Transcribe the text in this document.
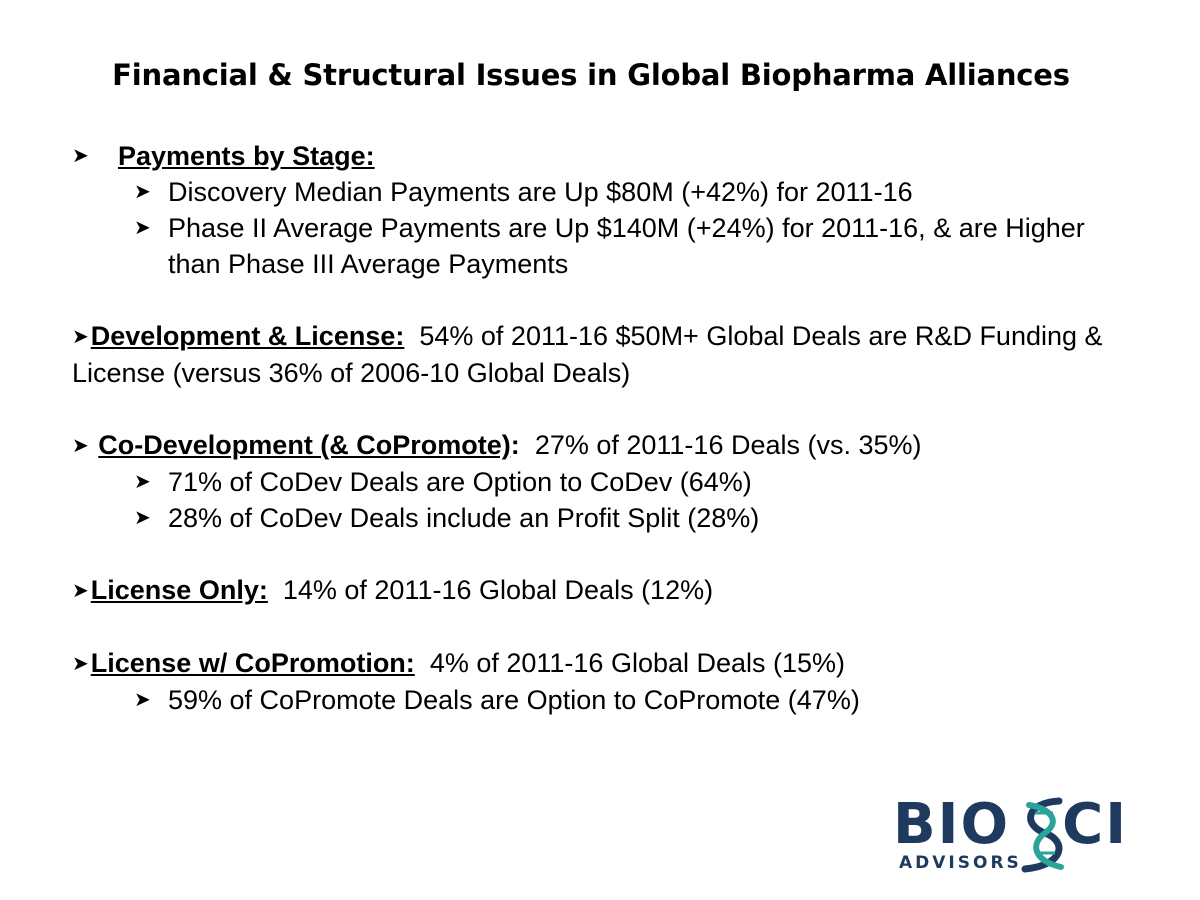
Financial & Structural Issues in Global Biopharma Alliances
➤ Payments by Stage:
➤ Discovery Median Payments are Up $80M (+42%) for 2011-16
➤ Phase II Average Payments are Up $140M (+24%) for 2011-16, & are Higher than Phase III Average Payments
➤Development & License: 54% of 2011-16 $50M+ Global Deals are R&D Funding & License (versus 36% of 2006-10 Global Deals)
➤ Co-Development (& CoPromote): 27% of 2011-16 Deals (vs. 35%)
➤ 71% of CoDev Deals are Option to CoDev (64%)
➤ 28% of CoDev Deals include an Profit Split (28%)
➤License Only: 14% of 2011-16 Global Deals (12%)
➤License w/ CoPromotion: 4% of 2011-16 Global Deals (15%)
➤ 59% of CoPromote Deals are Option to CoPromote (47%)
BIO CI
ADVISORS
